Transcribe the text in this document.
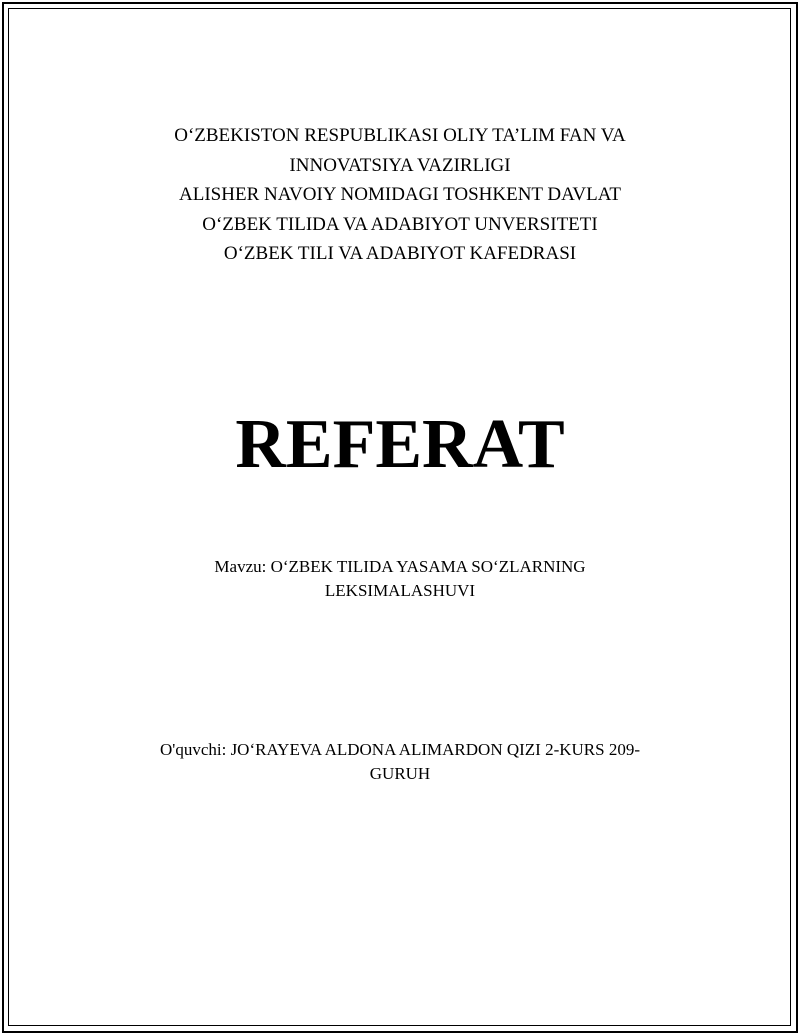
O‘ZBEKISTON RESPUBLIKASI OLIY TA’LIM FAN VA
INNOVATSIYA VAZIRLIGI
ALISHER NAVOIY NOMIDAGI TOSHKENT DAVLAT
O‘ZBEK TILIDA VA ADABIYOT UNVERSITETI
O‘ZBEK TILI VA ADABIYOT KAFEDRASI
REFERAT
Mavzu: O‘ZBEK TILIDA YASAMA SO‘ZLARNING
LEKSIMALASHUVI
O'quvchi: JO‘RAYEVA ALDONA ALIMARDON QIZI 2-KURS 209-
GURUH
